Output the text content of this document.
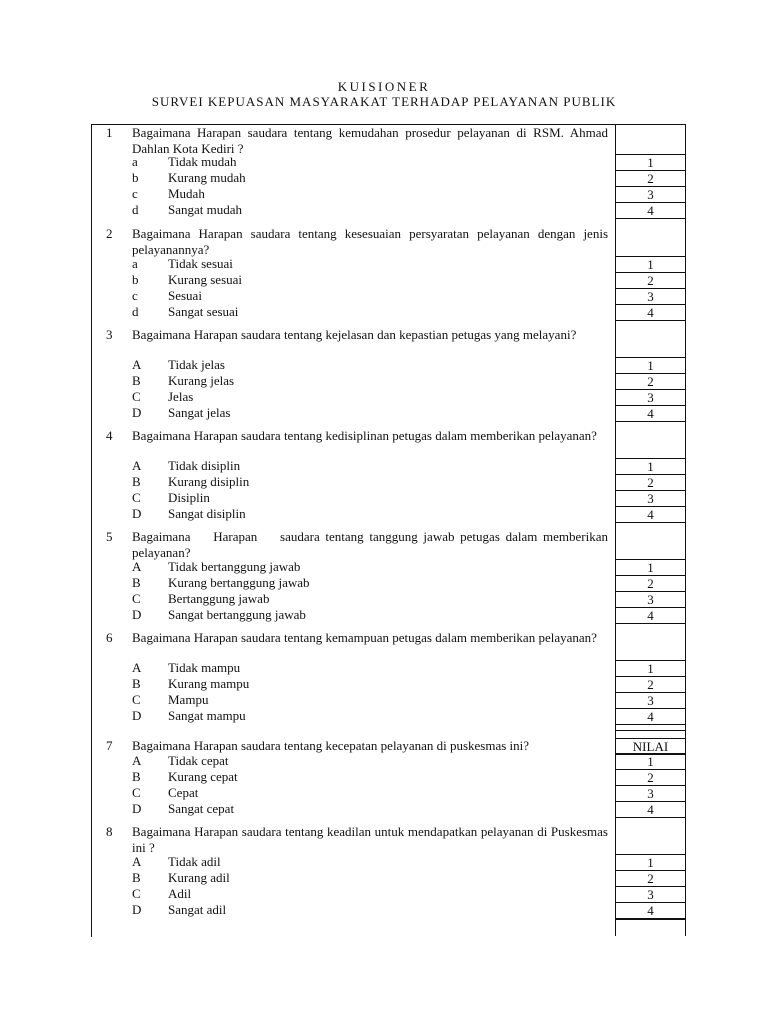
KUISIONER
SURVEI KEPUASAN MASYARAKAT TERHADAP PELAYANAN PUBLIK
1 Bagaimana Harapan saudara tentang kemudahan prosedur pelayanan di RSM. Ahmad Dahlan Kota Kediri ?
a Tidak mudah
b Kurang mudah
c Mudah
d Sangat mudah
1
2
3
4
2 Bagaimana Harapan saudara tentang kesesuaian persyaratan pelayanan dengan jenis pelayanannya?
a Tidak sesuai
b Kurang sesuai
c Sesuai
d Sangat sesuai
1
2
3
4
3 Bagaimana Harapan saudara tentang kejelasan dan kepastian petugas yang melayani?
A Tidak jelas
B Kurang jelas
C Jelas
D Sangat jelas
1
2
3
4
4 Bagaimana Harapan saudara tentang kedisiplinan petugas dalam memberikan pelayanan?
A Tidak disiplin
B Kurang disiplin
C Disiplin
D Sangat disiplin
1
2
3
4
5 Bagaimana    Harapan    saudara tentang tanggung jawab petugas dalam memberikan pelayanan?
A Tidak bertanggung jawab
B Kurang bertanggung jawab
C Bertanggung jawab
D Sangat bertanggung jawab
1
2
3
4
6 Bagaimana Harapan saudara tentang kemampuan petugas dalam memberikan pelayanan?
A Tidak mampu
B Kurang mampu
C Mampu
D Sangat mampu
1
2
3
4
7 Bagaimana Harapan saudara tentang kecepatan pelayanan di puskesmas ini?	NILAI
A Tidak cepat
B Kurang cepat
C Cepat
D Sangat cepat
1
2
3
4
8 Bagaimana Harapan saudara tentang keadilan untuk mendapatkan pelayanan di Puskesmas ini ?
A Tidak adil
B Kurang adil
C Adil
D Sangat adil
1
2
3
4
